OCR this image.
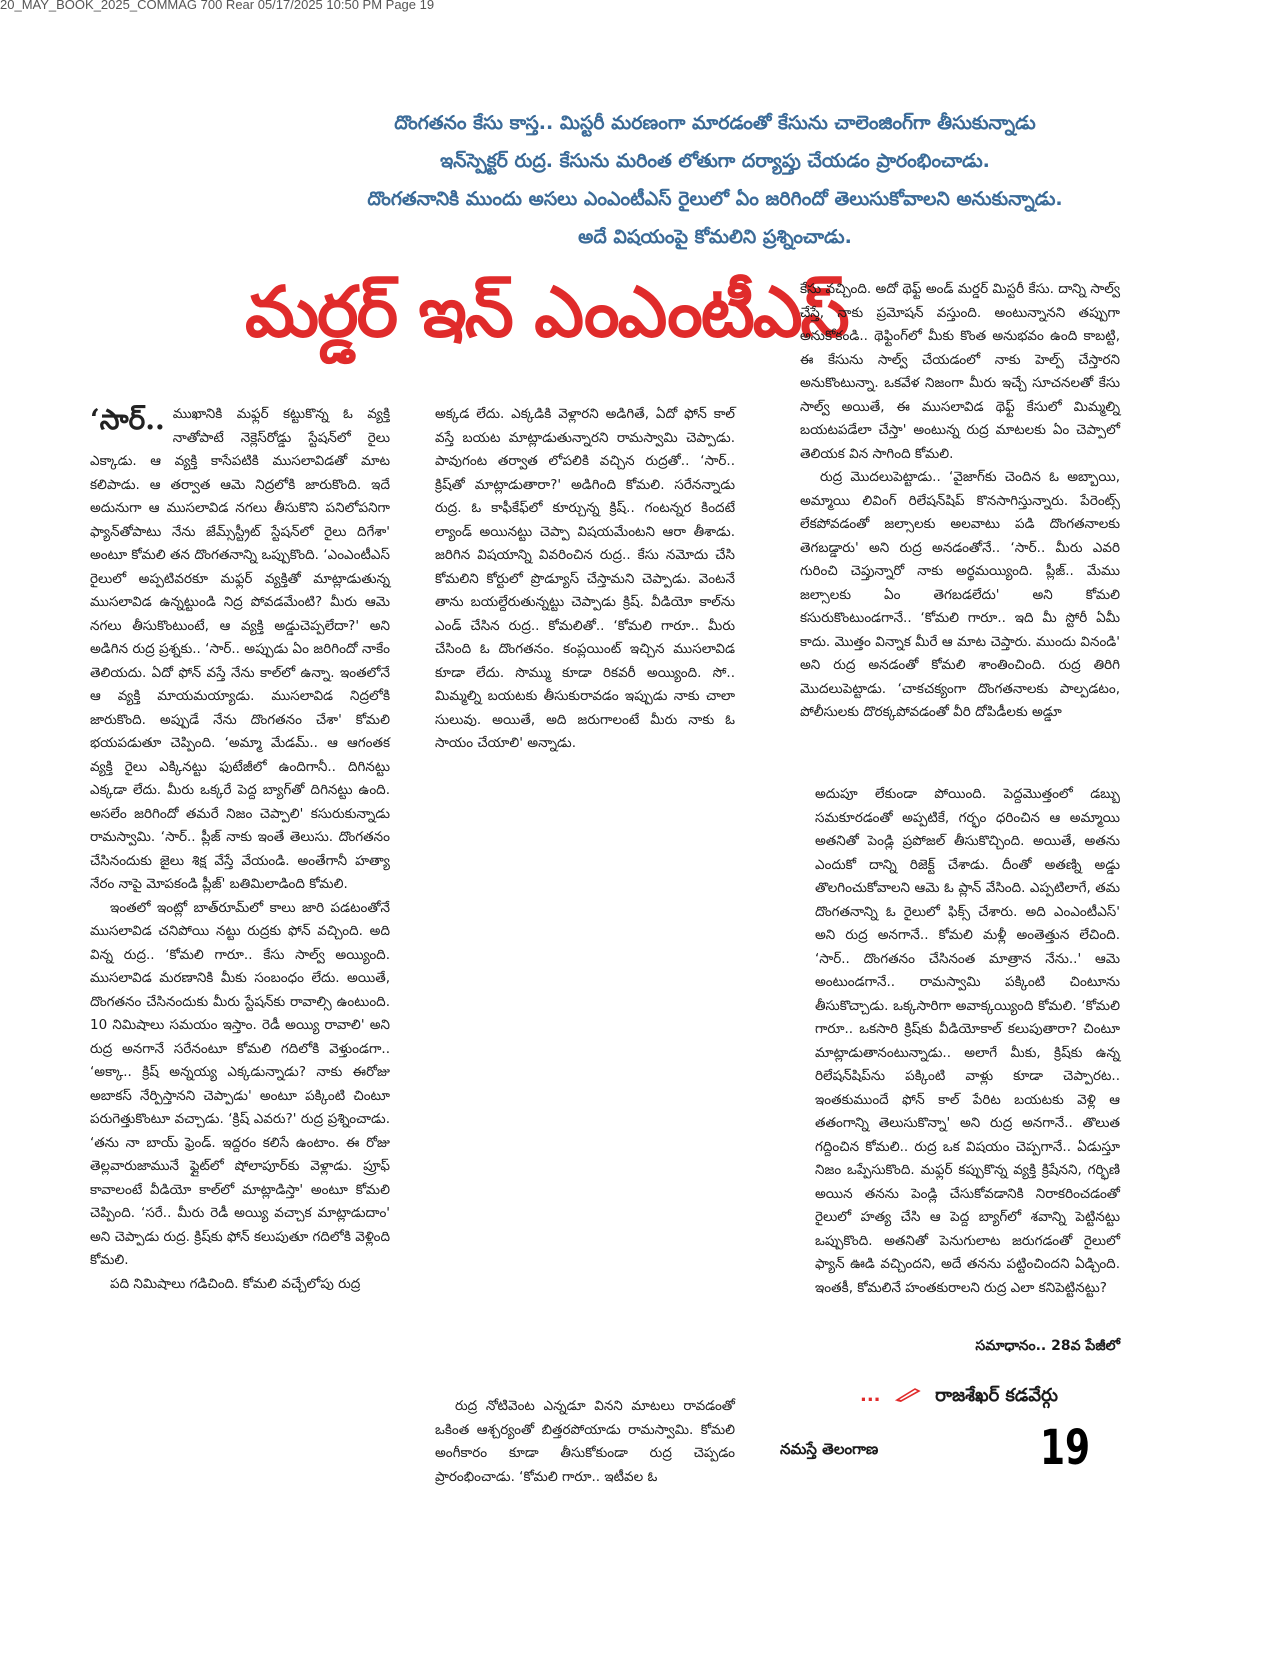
20_MAY_BOOK_2025_COMMAG 700 Rear 05/17/2025 10:50 PM Page 19
దొంగతనం కేసు కాస్త.. మిస్టరీ మరణంగా మారడంతో కేసును చాలెంజింగ్‌గా తీసుకున్నాడు
ఇన్‌స్పెక్టర్ రుద్ర. కేసును మరింత లోతుగా దర్యాప్తు చేయడం ప్రారంభించాడు.
దొంగతనానికి ముందు అసలు ఎంఎంటీఎస్ రైలులో ఏం జరిగిందో తెలుసుకోవాలని అనుకున్నాడు.
అదే విషయంపై కోమలిని ప్రశ్నించాడు.
మర్డర్ ఇన్ ఎంఎంటీఎస్

‘సార్.. ముఖానికి మఫ్లర్ కట్టుకొన్న ఓ వ్యక్తి నాతోపాటే నెక్లెస్‌రోడ్డు స్టేషన్‌లో రైలు ఎక్కాడు. ఆ వ్యక్తి కాసేపటికి ముసలావిడతో మాట కలిపాడు. ఆ తర్వాత ఆమె నిద్రలోకి జారుకొంది. ఇదే అదునుగా ఆ ముసలావిడ నగలు తీసుకొని పనిలోపనిగా ఫ్యాన్‌తోపాటు నేను జేమ్స్‌స్ట్రీట్ స్టేషన్‌లో రైలు దిగేశా' అంటూ కోమలి తన దొంగతనాన్ని ఒప్పుకొంది. ‘ఎంఎంటీఎస్ రైలులో అప్పటివరకూ మఫ్లర్ వ్యక్తితో మాట్లాడుతున్న ముసలావిడ ఉన్నట్టుండి నిద్ర పోవడమేంటి? మీరు ఆమె నగలు తీసుకొంటుంటే, ఆ వ్యక్తి అడ్డుచెప్పలేదా?' అని అడిగిన రుద్ర ప్రశ్నకు.. ‘సార్.. అప్పుడు ఏం జరిగిందో నాకేం తెలియదు. ఏదో ఫోన్ వస్తే నేను కాల్‌లో ఉన్నా. ఇంతలోనే ఆ వ్యక్తి మాయమయ్యాడు. ముసలావిడ నిద్రలోకి జారుకొంది. అప్పుడే నేను దొంగతనం చేశా' కోమలి భయపడుతూ చెప్పింది. ‘అమ్మా మేడమ్.. ఆ ఆగంతక వ్యక్తి రైలు ఎక్కినట్టు ఫుటేజీలో ఉందిగానీ.. దిగినట్టు ఎక్కడా లేదు. మీరు ఒక్కరే పెద్ద బ్యాగ్‌తో దిగినట్టు ఉంది. అసలేం జరిగిందో తమరే నిజం చెప్పాలి' కసురుకున్నాడు రామస్వామి. ‘సార్.. ప్లీజ్ నాకు ఇంతే తెలుసు. దొంగతనం చేసినందుకు జైలు శిక్ష వేస్తే వేయండి. అంతేగానీ హత్యా నేరం నాపై మోపకండి ప్లీజ్' బతిమిలాడింది కోమలి.

ఇంతలో ఇంట్లో బాత్‌రూమ్‌లో కాలు జారి పడటంతోనే ముసలావిడ చనిపోయి నట్టు రుద్రకు ఫోన్ వచ్చింది. అది విన్న రుద్ర.. ‘కోమలి గారూ.. కేసు సాల్వ్ అయ్యింది. ముసలావిడ మరణానికి మీకు సంబంధం లేదు. అయితే, దొంగతనం చేసినందుకు మీరు స్టేషన్‌కు రావాల్సి ఉంటుంది. 10 నిమిషాలు సమయం ఇస్తాం. రెడీ అయ్యి రావాలి' అని రుద్ర అనగానే సరేనంటూ కోమలి గదిలోకి వెళ్తుండగా.. ‘అక్కా.. క్రిష్ అన్నయ్య ఎక్కడున్నాడు? నాకు ఈరోజు అబాకస్ నేర్పిస్తానని చెప్పాడు' అంటూ పక్కింటి చింటూ పరుగెత్తుకొంటూ వచ్చాడు. ‘క్రిష్ ఎవరు?' రుద్ర ప్రశ్నించాడు. ‘తను నా బాయ్ ఫ్రెండ్. ఇద్దరం కలిసే ఉంటాం. ఈ రోజు తెల్లవారుజామునే ఫ్లైట్‌లో షోలాపూర్‌కు వెళ్లాడు. ప్రూఫ్ కావాలంటే వీడియో కాల్‌లో మాట్లాడిస్తా' అంటూ కోమలి చెప్పింది. ‘సరే.. మీరు రెడీ అయ్యి వచ్చాక మాట్లాడుదాం' అని చెప్పాడు రుద్ర. క్రిష్‌కు ఫోన్ కలుపుతూ గదిలోకి వెళ్లింది కోమలి.

పది నిమిషాలు గడిచింది. కోమలి వచ్చేలోపు రుద్ర

అక్కడ లేదు. ఎక్కడికి వెళ్లారని అడిగితే, ఏదో ఫోన్ కాల్ వస్తే బయట మాట్లాడుతున్నారని రామస్వామి చెప్పాడు. పావుగంట తర్వాత లోపలికి వచ్చిన రుద్రతో.. ‘సార్.. క్రిష్‌తో మాట్లాడుతారా?' అడిగింది కోమలి. సరేనన్నాడు రుద్ర. ఓ కాఫీకేఫ్‌లో కూర్చున్న క్రిష్.. గంటన్నర కిందటే ల్యాండ్ అయినట్టు చెప్పా విషయమేంటని ఆరా తీశాడు. జరిగిన విషయాన్ని వివరించిన రుద్ర.. కేసు నమోదు చేసి కోమలిని కోర్టులో ప్రొడ్యూస్ చేస్తామని చెప్పాడు. వెంటనే తాను బయల్దేరుతున్నట్టు చెప్పాడు క్రిష్. వీడియో కాల్‌ను ఎండ్ చేసిన రుద్ర.. కోమలితో.. ‘కోమలి గారూ.. మీరు చేసింది ఓ దొంగతనం. కంప్లయింట్ ఇచ్చిన ముసలావిడ కూడా లేదు. సొమ్ము కూడా రికవరీ అయ్యింది. సో.. మిమ్మల్ని బయటకు తీసుకురావడం ఇప్పుడు నాకు చాలా సులువు. అయితే, అది జరుగాలంటే మీరు నాకు ఓ సాయం చేయాలి' అన్నాడు.

రుద్ర నోటివెంట ఎన్నడూ వినని మాటలు రావడంతో ఒకింత ఆశ్చర్యంతో బిత్తరపోయాడు రామస్వామి. కోమలి అంగీకారం కూడా తీసుకోకుండా రుద్ర చెప్పడం ప్రారంభించాడు. ‘కోమలి గారూ.. ఇటీవల ఓ

కేసు వచ్చింది. అదో థెఫ్ట్ అండ్ మర్డర్ మిస్టరీ కేసు. దాన్ని సాల్వ్ చేస్తే, నాకు ప్రమోషన్ వస్తుంది. అంటున్నానని తప్పుగా అనుకోకండి.. థెఫ్టింగ్‌లో మీకు కొంత అనుభవం ఉంది కాబట్టి, ఈ కేసును సాల్వ్ చేయడంలో నాకు హెల్ప్ చేస్తారని అనుకొంటున్నా. ఒకవేళ నిజంగా మీరు ఇచ్చే సూచనలతో కేసు సాల్వ్ అయితే, ఈ ముసలావిడ థెఫ్ట్ కేసులో మిమ్మల్ని బయటపడేలా చేస్తా' అంటున్న రుద్ర మాటలకు ఏం చెప్పాలో తెలియక విన సాగింది కోమలి.

రుద్ర మొదలుపెట్టాడు.. ‘వైజాగ్‌కు చెందిన ఓ అబ్బాయి, అమ్మాయి లివింగ్ రిలేషన్‌షిప్ కొనసాగిస్తున్నారు. పేరెంట్స్ లేకపోవడంతో జల్సాలకు అలవాటు పడి దొంగతనాలకు తెగబడ్డారు' అని రుద్ర అనడంతోనే.. ‘సార్.. మీరు ఎవరి గురించి చెప్తున్నారో నాకు అర్థమయ్యింది. ప్లీజ్.. మేము జల్సాలకు ఏం తెగబడలేదు' అని కోమలి కసురుకొంటుండగానే.. ‘కోమలి గారూ.. ఇది మీ స్టోరీ ఏమీ కాదు. మొత్తం విన్నాక మీరే ఆ మాట చెప్తారు. ముందు వినండి' అని రుద్ర అనడంతో కోమలి శాంతించింది. రుద్ర తిరిగి మొదలుపెట్టాడు. ‘చాకచక్యంగా దొంగతనాలకు పాల్పడటం, పోలీసులకు దొరక్కపోవడంతో వీరి దోపిడీలకు అడ్డూ

అదుపూ లేకుండా పోయింది. పెద్దమొత్తంలో డబ్బు సమకూరడంతో అప్పటికే, గర్భం ధరించిన ఆ అమ్మాయి అతనితో పెండ్లి ప్రపోజల్ తీసుకొచ్చింది. అయితే, అతను ఎందుకో దాన్ని రిజెక్ట్ చేశాడు. దీంతో అతణ్ని అడ్డు తొలగించుకోవాలని ఆమె ఓ ప్లాన్ వేసింది. ఎప్పటిలాగే, తమ దొంగతనాన్ని ఓ రైలులో ఫిక్స్ చేశారు. అది ఎంఎంటీఎస్' అని రుద్ర అనగానే.. కోమలి మళ్లీ అంతెత్తున లేచింది. ‘సార్.. దొంగతనం చేసినంత మాత్రాన నేను..' ఆమె అంటుండగానే.. రామస్వామి పక్కింటి చింటూను తీసుకొచ్చాడు. ఒక్కసారిగా అవాక్కయ్యింది కోమలి. ‘కోమలి గారూ.. ఒకసారి క్రిష్‌కు వీడియోకాల్ కలుపుతారా? చింటూ మాట్లాడుతానంటున్నాడు.. అలాగే మీకు, క్రిష్‌కు ఉన్న రిలేషన్‌షిప్‌ను పక్కింటి వాళ్లు కూడా చెప్పారట.. ఇంతకుముందే ఫోన్ కాల్ పేరిట బయటకు వెళ్లి ఆ తతంగాన్ని తెలుసుకొన్నా' అని రుద్ర అనగానే.. తొలుత గద్దించిన కోమలి.. రుద్ర ఒక విషయం చెప్పగానే.. ఏడుస్తూ నిజం ఒప్పేసుకొంది. మఫ్లర్ కప్పుకొన్న వ్యక్తి క్రిషేనని, గర్భిణి అయిన తనను పెండ్లి చేసుకోవడానికి నిరాకరించడంతో రైలులో హత్య చేసి ఆ పెద్ద బ్యాగ్‌లో శవాన్ని పెట్టినట్టు ఒప్పుకొంది. అతనితో పెనుగులాట జరుగడంతో రైలులో ఫ్యాన్ ఊడి వచ్చిందని, అదే తనను పట్టించిందని ఏడ్చింది. ఇంతకీ, కోమలినే హంతకురాలని రుద్ర ఎలా కనిపెట్టినట్టు?

సమాధానం.. 28వ పేజీలో
...	రాజశేఖర్ కడవేర్గు
నమస్తే తెలంగాణ	19
